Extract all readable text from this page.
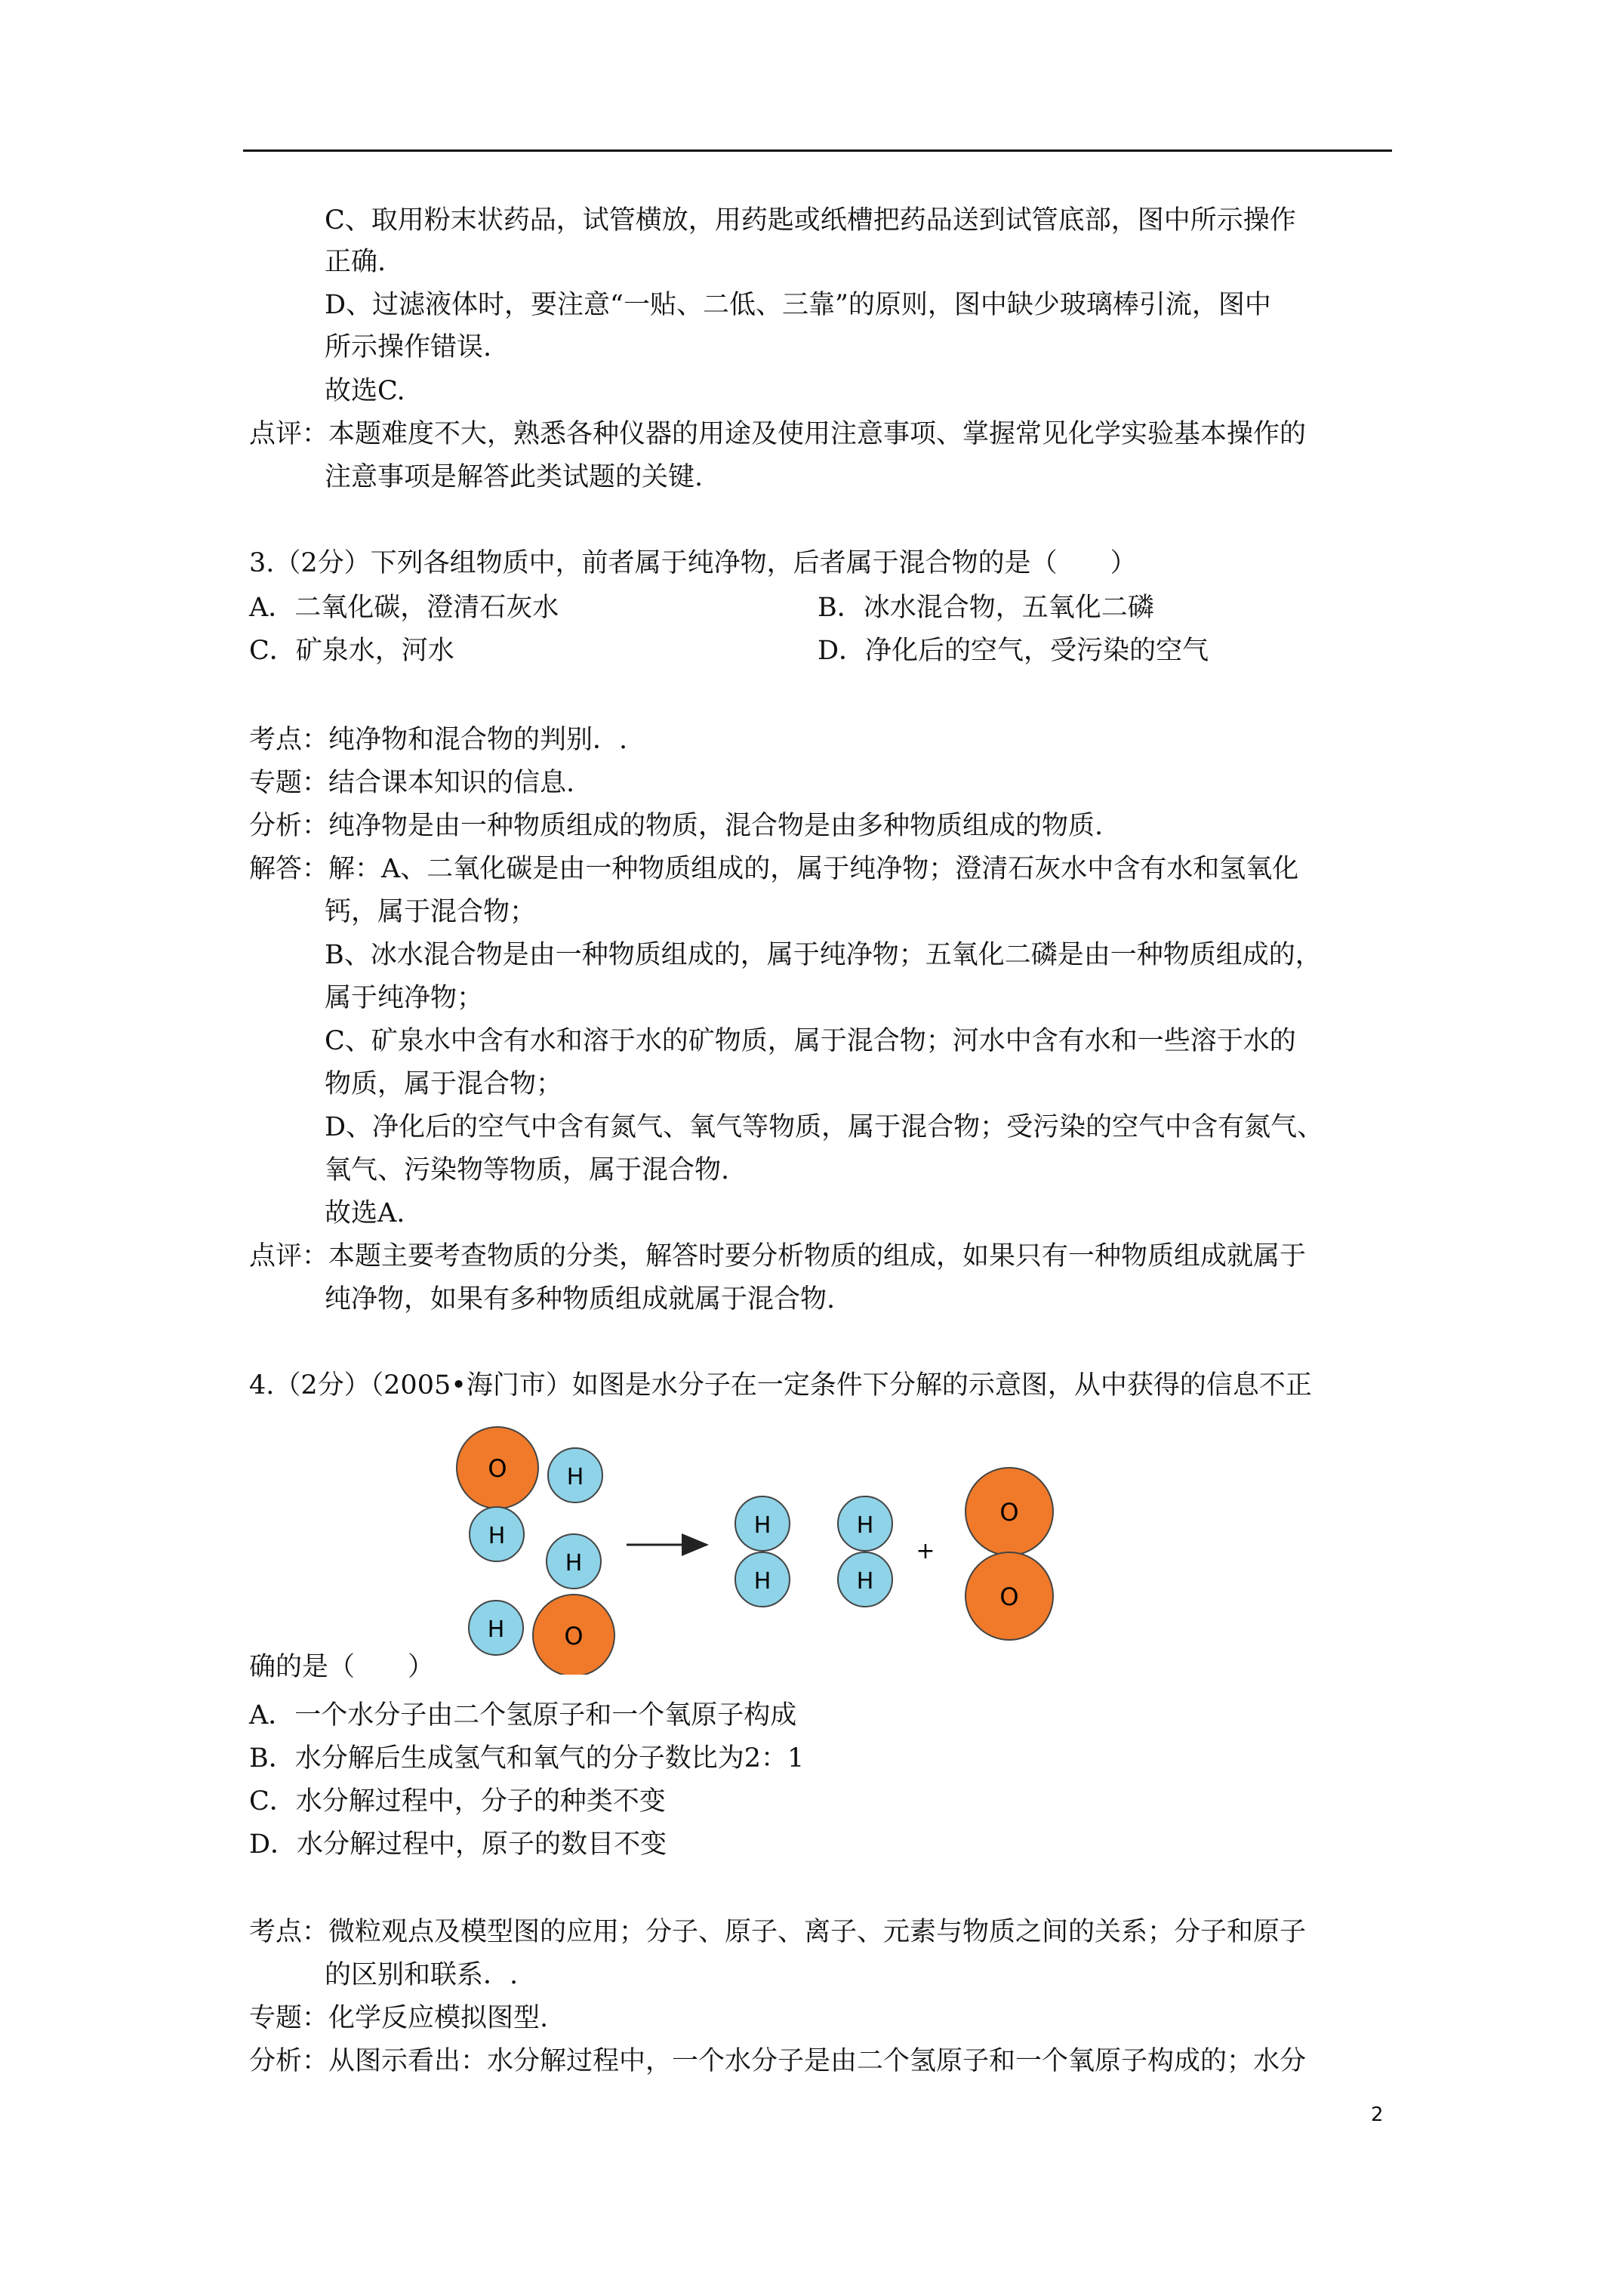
C、取用粉末状药品，试管横放，用药匙或纸槽把药品送到试管底部，图中所示操作
正确.
D、过滤液体时，要注意“一贴、二低、三靠”的原则，图中缺少玻璃棒引流，图中
所示操作错误.
故选C.
点评：本题难度不大，熟悉各种仪器的用途及使用注意事项、掌握常见化学实验基本操作的
注意事项是解答此类试题的关键.
3.（2分）下列各组物质中，前者属于纯净物，后者属于混合物的是（　　）
A．二氧化碳，澄清石灰水	B．冰水混合物，五氧化二磷
C．矿泉水，河水	D．净化后的空气，受污染的空气
考点：纯净物和混合物的判别．.
专题：结合课本知识的信息.
分析：纯净物是由一种物质组成的物质，混合物是由多种物质组成的物质.
解答：解：A、二氧化碳是由一种物质组成的，属于纯净物；澄清石灰水中含有水和氢氧化
钙，属于混合物；
B、冰水混合物是由一种物质组成的，属于纯净物；五氧化二磷是由一种物质组成的，
属于纯净物；
C、矿泉水中含有水和溶于水的矿物质，属于混合物；河水中含有水和一些溶于水的
物质，属于混合物；
D、净化后的空气中含有氮气、氧气等物质，属于混合物；受污染的空气中含有氮气、
氧气、污染物等物质，属于混合物.
故选A.
点评：本题主要考查物质的分类，解答时要分析物质的组成，如果只有一种物质组成就属于
纯净物，如果有多种物质组成就属于混合物.
4.（2分）（2005•海门市）如图是水分子在一定条件下分解的示意图，从中获得的信息不正
O	H
H
H
H O
H
H
H
H
+
O
O
确的是（　　）
A．一个水分子由二个氢原子和一个氧原子构成
B．水分解后生成氢气和氧气的分子数比为2：1
C．水分解过程中，分子的种类不变
D．水分解过程中，原子的数目不变
考点：微粒观点及模型图的应用；分子、原子、离子、元素与物质之间的关系；分子和原子
的区别和联系．.
专题：化学反应模拟图型.
分析：从图示看出：水分解过程中，一个水分子是由二个氢原子和一个氧原子构成的；水分
2
